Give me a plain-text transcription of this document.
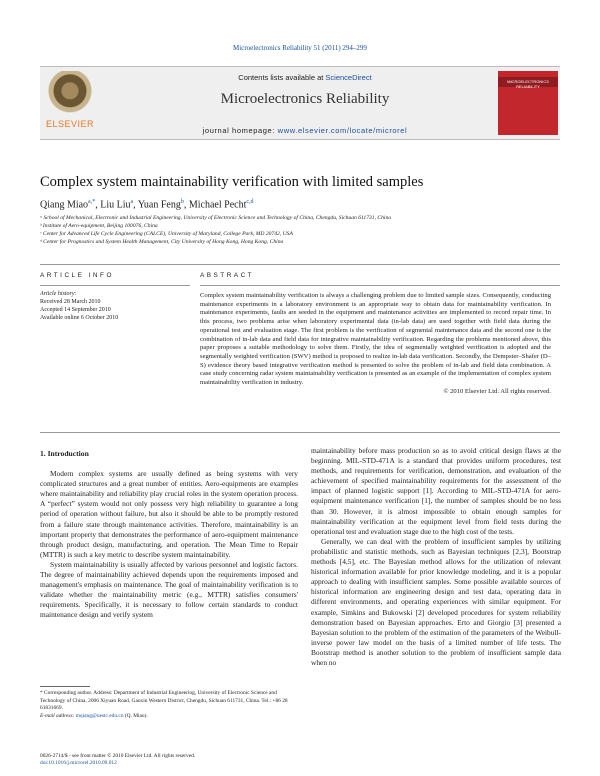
Microelectronics Reliability 51 (2011) 294–299
ELSEVIER
Contents lists available at ScienceDirect
Microelectronics Reliability
journal homepage: www.elsevier.com/locate/microrel
MICROELECTRONICS RELIABILITY
Complex system maintainability verification with limited samples
Qiang Miao$^{a,*}$, Liu Liu$^a$, Yuan Feng$^b$, Michael Pecht$^{c,d}$
ᵃ School of Mechanical, Electronic and Industrial Engineering, University of Electronic Science and Technology of China, Chengdu, Sichuan 611731, China
ᵇ Institute of Aero-equipment, Beijing 100076, China
ᶜ Center for Advanced Life Cycle Engineering (CALCE), University of Maryland, College Park, MD 20742, USA
ᵈ Center for Prognostics and System Health Management, City University of Hong Kong, Hong Kong, China
ARTICLE INFO	ABSTRACT
Article history:
Received 28 March 2010
Accepted 14 September 2010
Available online 6 October 2010
Complex system maintainability verification is always a challenging problem due to limited sample sizes. Consequently, conducting maintenance experiments in a laboratory environment is an appropriate way to obtain data for maintainability verification. In maintenance experiments, faults are seeded in the equipment and maintenance activities are implemented to record repair time. In this process, two problems arise when laboratory experimental data (in-lab data) are used together with field data during the operational test and evaluation stage. The first problem is the verification of segmental maintenance data and the second one is the combination of in-lab data and field data for integrative maintainability verification. Regarding the problems mentioned above, this paper proposes a suitable methodology to solve them. Firstly, the idea of segmentally weighted verification is adopted and the segmentally weighted verification (SWV) method is proposed to realize in-lab data verification. Secondly, the Dempster–Shafer (D–S) evidence theory based integrative verification method is presented to solve the problem of in-lab and field data combination. A case study concerning radar system maintainability verification is presented as an example of the implementation of complex system maintainability verification in industry.
© 2010 Elsevier Ltd. All rights reserved.
1. Introduction

Modern complex systems are usually defined as being systems with very complicated structures and a great number of entities. Aero-equipments are examples where maintainability and reliability play crucial roles in the system operation process. A “perfect” system would not only possess very high reliability to guarantee a long period of operation without failure, but also it should be able to be promptly restored from a failure state through maintenance activities. Therefore, maintainability is an important property that demonstrates the performance of aero-equipment maintenance through product design, manufacturing, and operation. The Mean Time to Repair (MTTR) is such a key metric to describe system maintainability.

System maintainability is usually affected by various personnel and logistic factors. The degree of maintainability achieved depends upon the requirements imposed and management's emphasis on maintenance. The goal of maintainability verification is to validate whether the maintainability metric (e.g., MTTR) satisfies consumers' requirements. Specifically, it is necessary to follow certain standards to conduct maintenance design and verify system

maintainability before mass production so as to avoid critical design flaws at the beginning. MIL-STD-471A is a standard that provides uniform procedures, test methods, and requirements for verification, demonstration, and evaluation of the achievement of specified maintainability requirements for the assessment of the impact of planned logistic support [1]. According to MIL-STD-471A for aero-equipment maintenance verification [1], the number of samples should be no less than 30. However, it is almost impossible to obtain enough samples for maintainability verification at the equipment level from field tests during the operational test and evaluation stage due to the high cost of the tests.

Generally, we can deal with the problem of insufficient samples by utilizing probabilistic and statistic methods, such as Bayesian techniques [2,3], Bootstrap methods [4,5], etc. The Bayesian method allows for the utilization of relevant historical information available for prior knowledge modeling, and it is a popular approach to dealing with insufficient samples. Some possible available sources of historical information are engineering design and test data, operating data in different environments, and operating experiences with similar equipment. For example, Simkins and Bukowski [2] developed procedures for system reliability demonstration based on Bayesian approaches. Erto and Giorgio [3] presented a Bayesian solution to the problem of the estimation of the parameters of the Weibull-inverse power law model on the basis of a limited number of life tests. The Bootstrap method is another solution to the problem of insufficient sample data when no

* Corresponding author. Address: Department of Industrial Engineering, University of Electronic Science and Technology of China, 2006 Xiyuan Road, Gaoxin Western District, Chengdu, Sichuan 611731, China. Tel.: +86 28 61831669.
E-mail address: mqiang@uestc.edu.cn (Q. Miao).
0026-2714/$ - see front matter © 2010 Elsevier Ltd. All rights reserved.
doi:10.1016/j.microrel.2010.09.012
